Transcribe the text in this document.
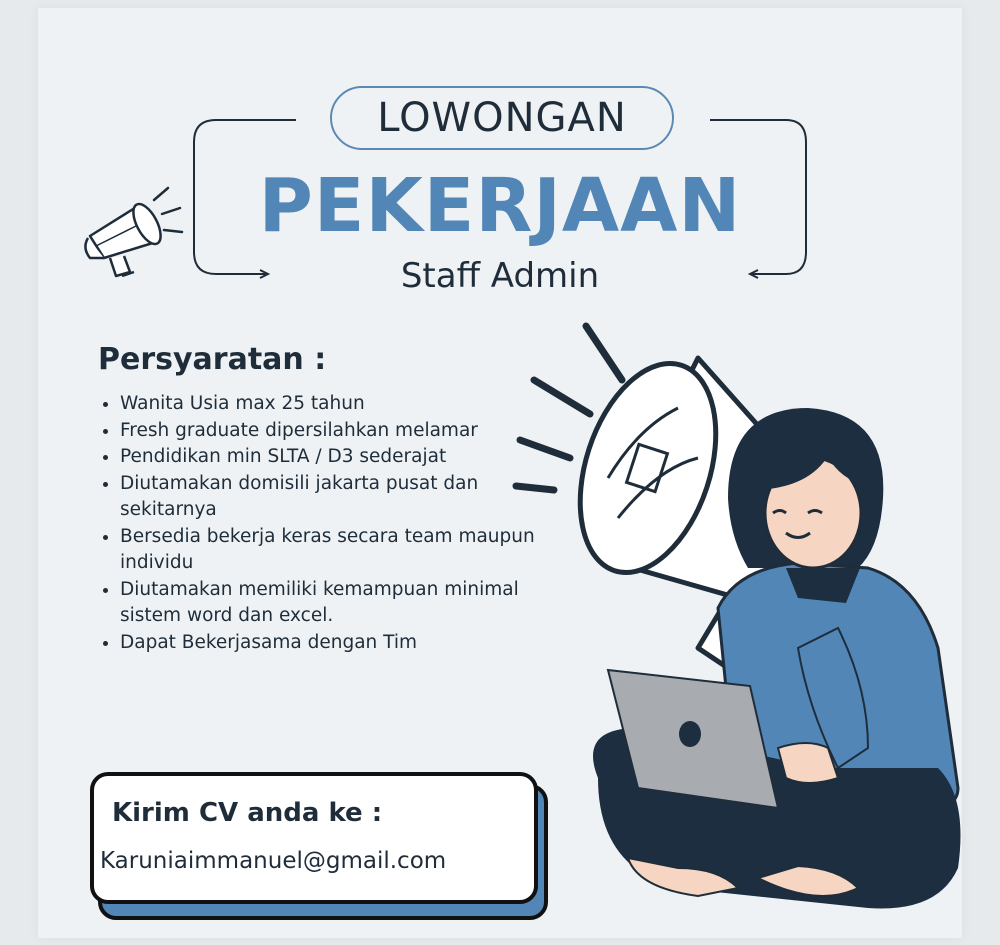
LOWONGAN
PEKERJAAN
Staff Admin
Persyaratan :
• Wanita Usia max 25 tahun
• Fresh graduate dipersilahkan melamar
• Pendidikan min SLTA / D3 sederajat
• Diutamakan domisili jakarta pusat dan sekitarnya
• Bersedia bekerja keras secara team maupun individu
• Diutamakan memiliki kemampuan minimal sistem word dan excel.
• Dapat Bekerjasama dengan Tim
Kirim CV anda ke :
Karuniaimmanuel@gmail.com
